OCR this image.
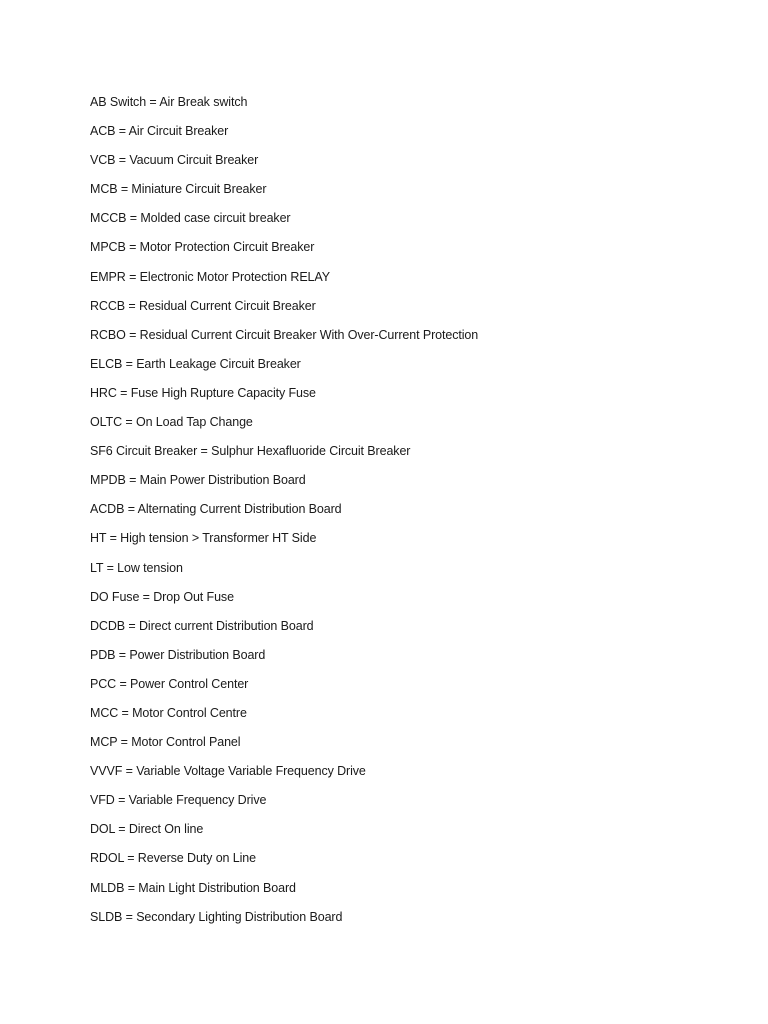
AB Switch = Air Break switch
ACB = Air Circuit Breaker
VCB = Vacuum Circuit Breaker
MCB = Miniature Circuit Breaker
MCCB = Molded case circuit breaker
MPCB = Motor Protection Circuit Breaker
EMPR = Electronic Motor Protection RELAY
RCCB = Residual Current Circuit Breaker
RCBO = Residual Current Circuit Breaker With Over-Current Protection
ELCB = Earth Leakage Circuit Breaker
HRC = Fuse High Rupture Capacity Fuse
OLTC = On Load Tap Change
SF6 Circuit Breaker = Sulphur Hexafluoride Circuit Breaker
MPDB = Main Power Distribution Board
ACDB = Alternating Current Distribution Board
HT = High tension > Transformer HT Side
LT = Low tension
DO Fuse = Drop Out Fuse
DCDB = Direct current Distribution Board
PDB = Power Distribution Board
PCC = Power Control Center
MCC = Motor Control Centre
MCP = Motor Control Panel
VVVF = Variable Voltage Variable Frequency Drive
VFD = Variable Frequency Drive
DOL = Direct On line
RDOL = Reverse Duty on Line
MLDB = Main Light Distribution Board
SLDB = Secondary Lighting Distribution Board
